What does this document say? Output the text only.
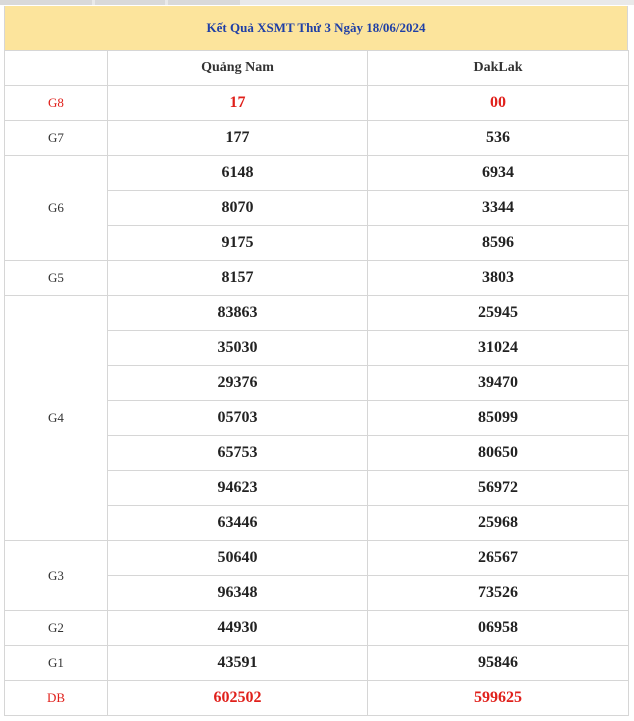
Kết Quả XSMT Thứ 3 Ngày 18/06/2024
	Quảng Nam	DakLak
G8	17	00
G7	177	536
G6	6148	6934
	8070	3344
	9175	8596
G5	8157	3803
G4	83863	25945
	35030	31024
	29376	39470
	05703	85099
	65753	80650
	94623	56972
	63446	25968
G3	50640	26567
	96348	73526
G2	44930	06958
G1	43591	95846
DB	602502	599625
